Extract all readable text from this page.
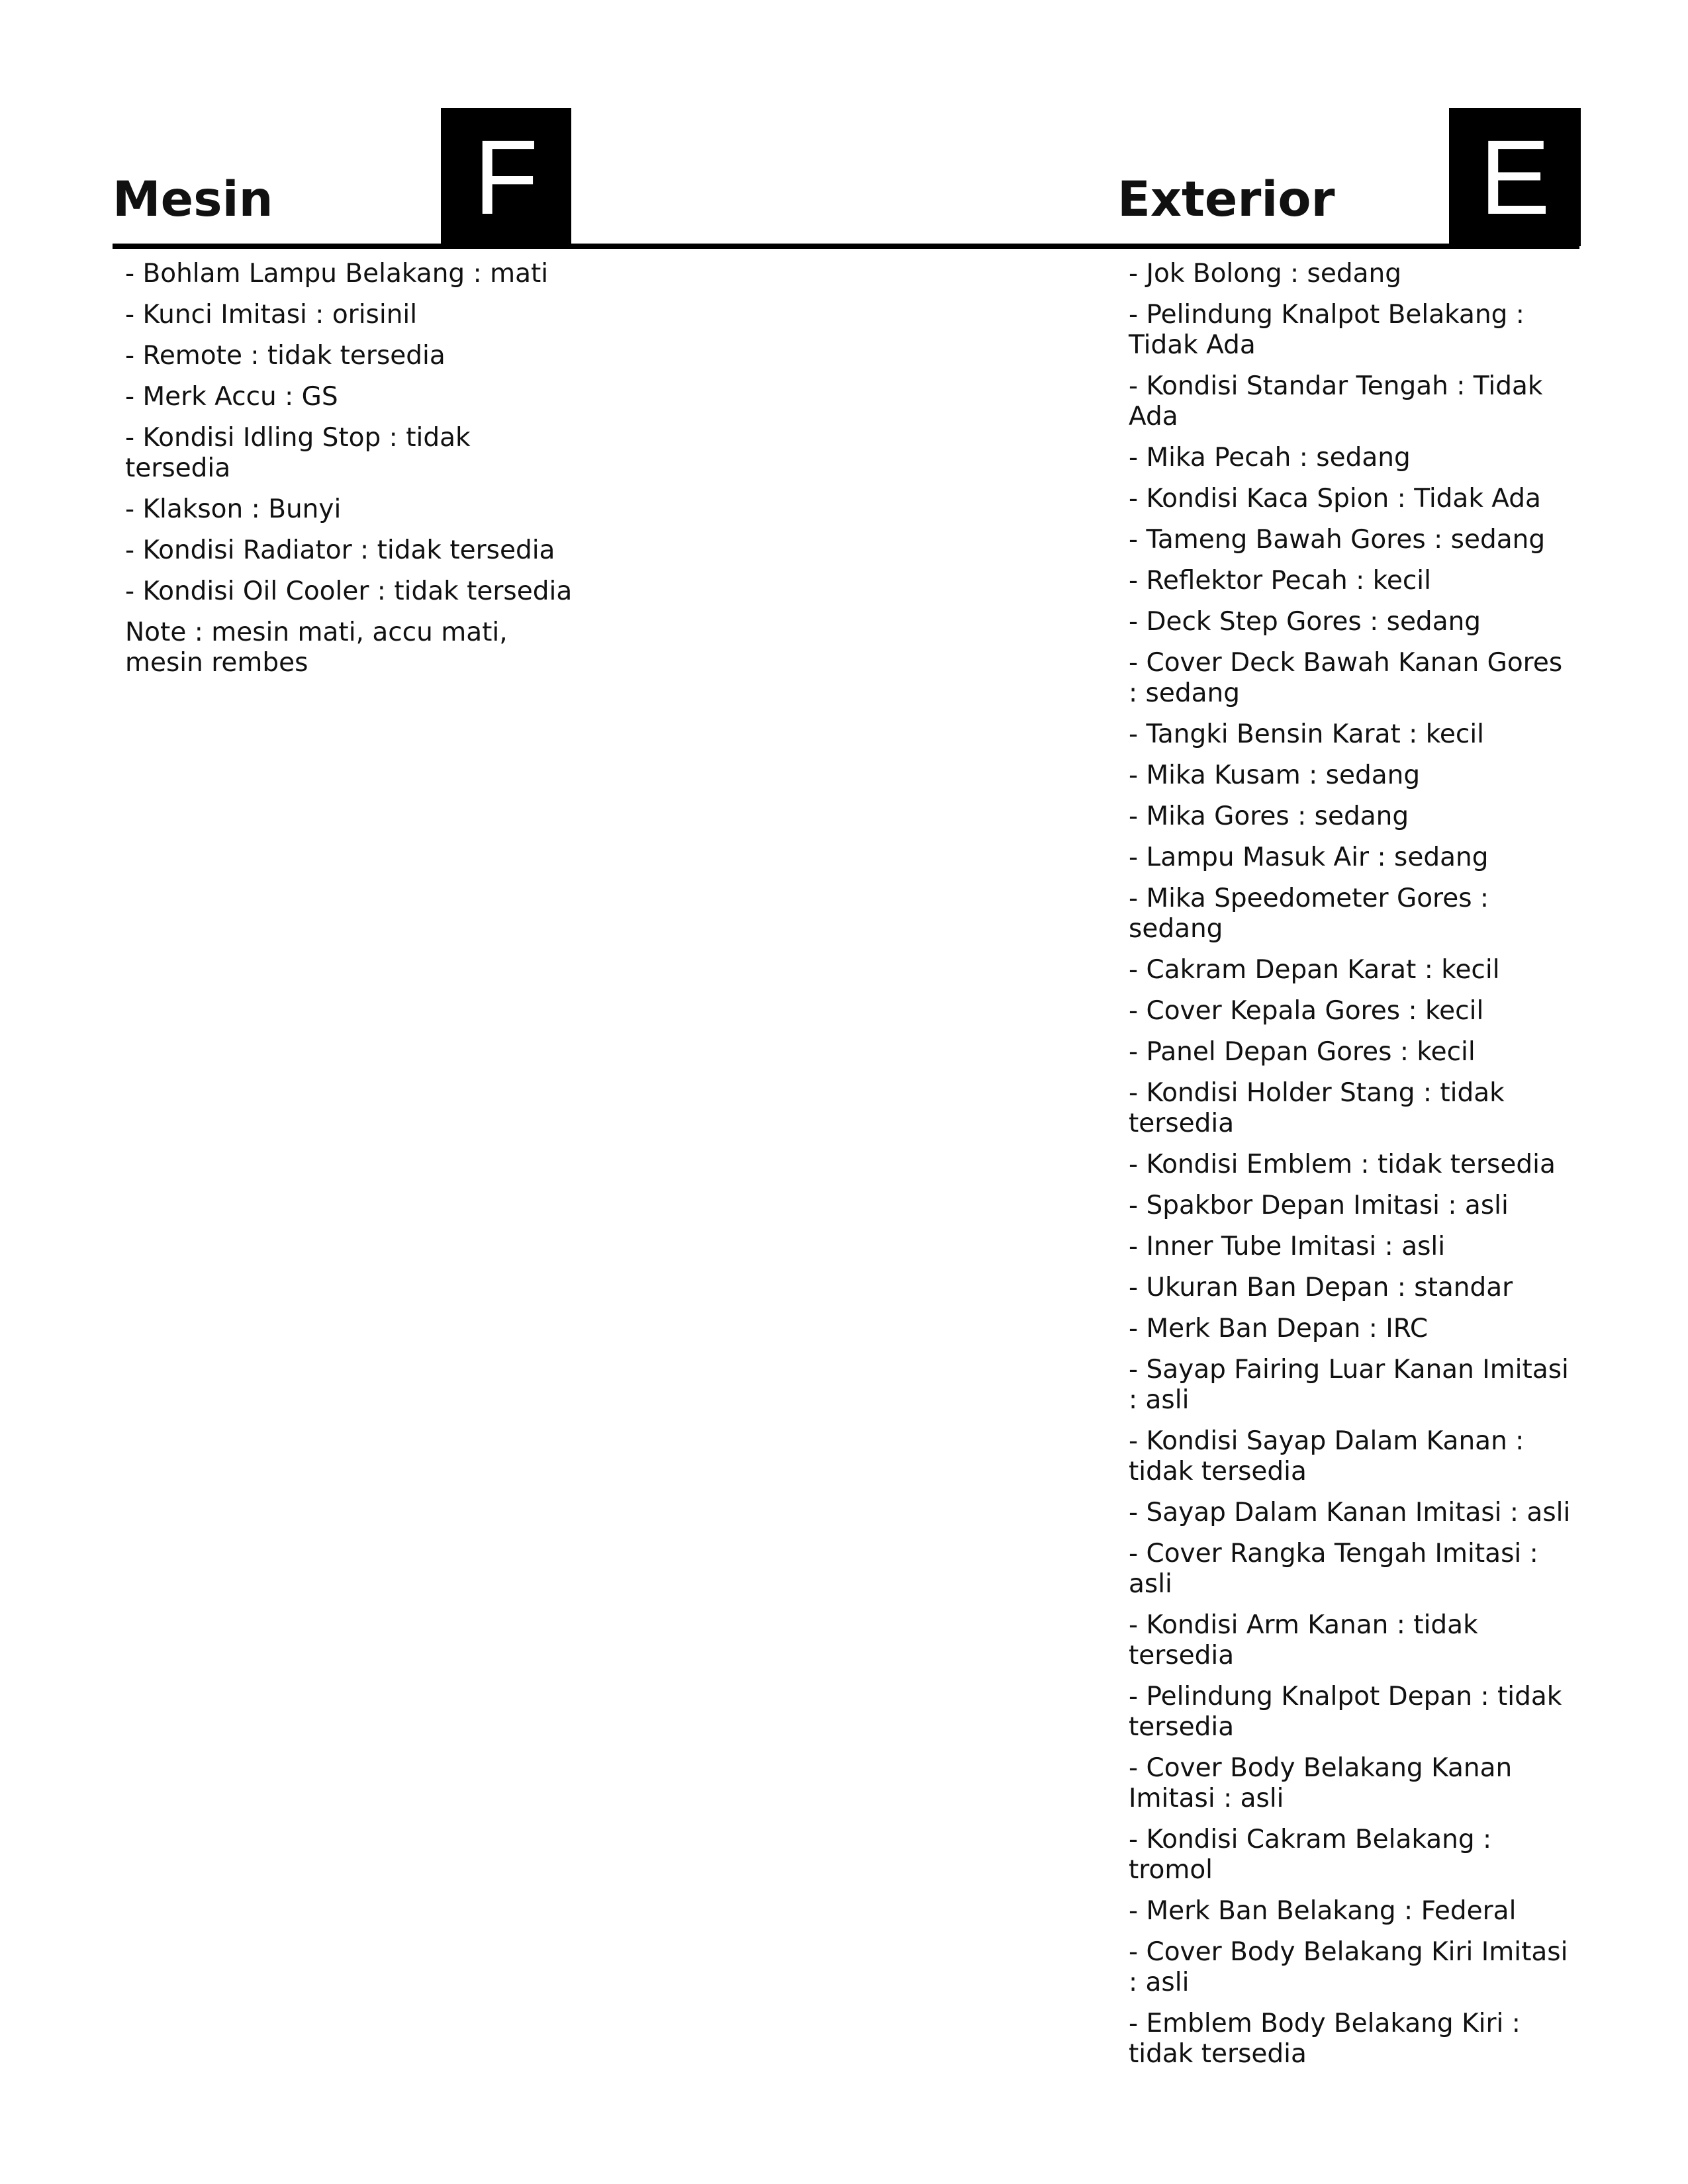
Mesin	F	Exterior E
- Bohlam Lampu Belakang : mati
- Kunci Imitasi : orisinil
- Remote : tidak tersedia
- Merk Accu : GS
- Kondisi Idling Stop : tidak tersedia
- Klakson : Bunyi
- Kondisi Radiator : tidak tersedia
- Kondisi Oil Cooler : tidak tersedia
Note : mesin mati, accu mati, mesin rembes
- Jok Bolong : sedang
- Pelindung Knalpot Belakang : Tidak Ada
- Kondisi Standar Tengah : Tidak Ada
- Mika Pecah : sedang
- Kondisi Kaca Spion : Tidak Ada
- Tameng Bawah Gores : sedang
- Reflektor Pecah : kecil
- Deck Step Gores : sedang
- Cover Deck Bawah Kanan Gores : sedang
- Tangki Bensin Karat : kecil
- Mika Kusam : sedang
- Mika Gores : sedang
- Lampu Masuk Air : sedang
- Mika Speedometer Gores : sedang
- Cakram Depan Karat : kecil
- Cover Kepala Gores : kecil
- Panel Depan Gores : kecil
- Kondisi Holder Stang : tidak tersedia
- Kondisi Emblem : tidak tersedia
- Spakbor Depan Imitasi : asli
- Inner Tube Imitasi : asli
- Ukuran Ban Depan : standar
- Merk Ban Depan : IRC
- Sayap Fairing Luar Kanan Imitasi : asli
- Kondisi Sayap Dalam Kanan : tidak tersedia
- Sayap Dalam Kanan Imitasi : asli
- Cover Rangka Tengah Imitasi : asli
- Kondisi Arm Kanan : tidak tersedia
- Pelindung Knalpot Depan : tidak tersedia
- Cover Body Belakang Kanan Imitasi : asli
- Kondisi Cakram Belakang : tromol
- Merk Ban Belakang : Federal
- Cover Body Belakang Kiri Imitasi : asli
- Emblem Body Belakang Kiri : tidak tersedia
